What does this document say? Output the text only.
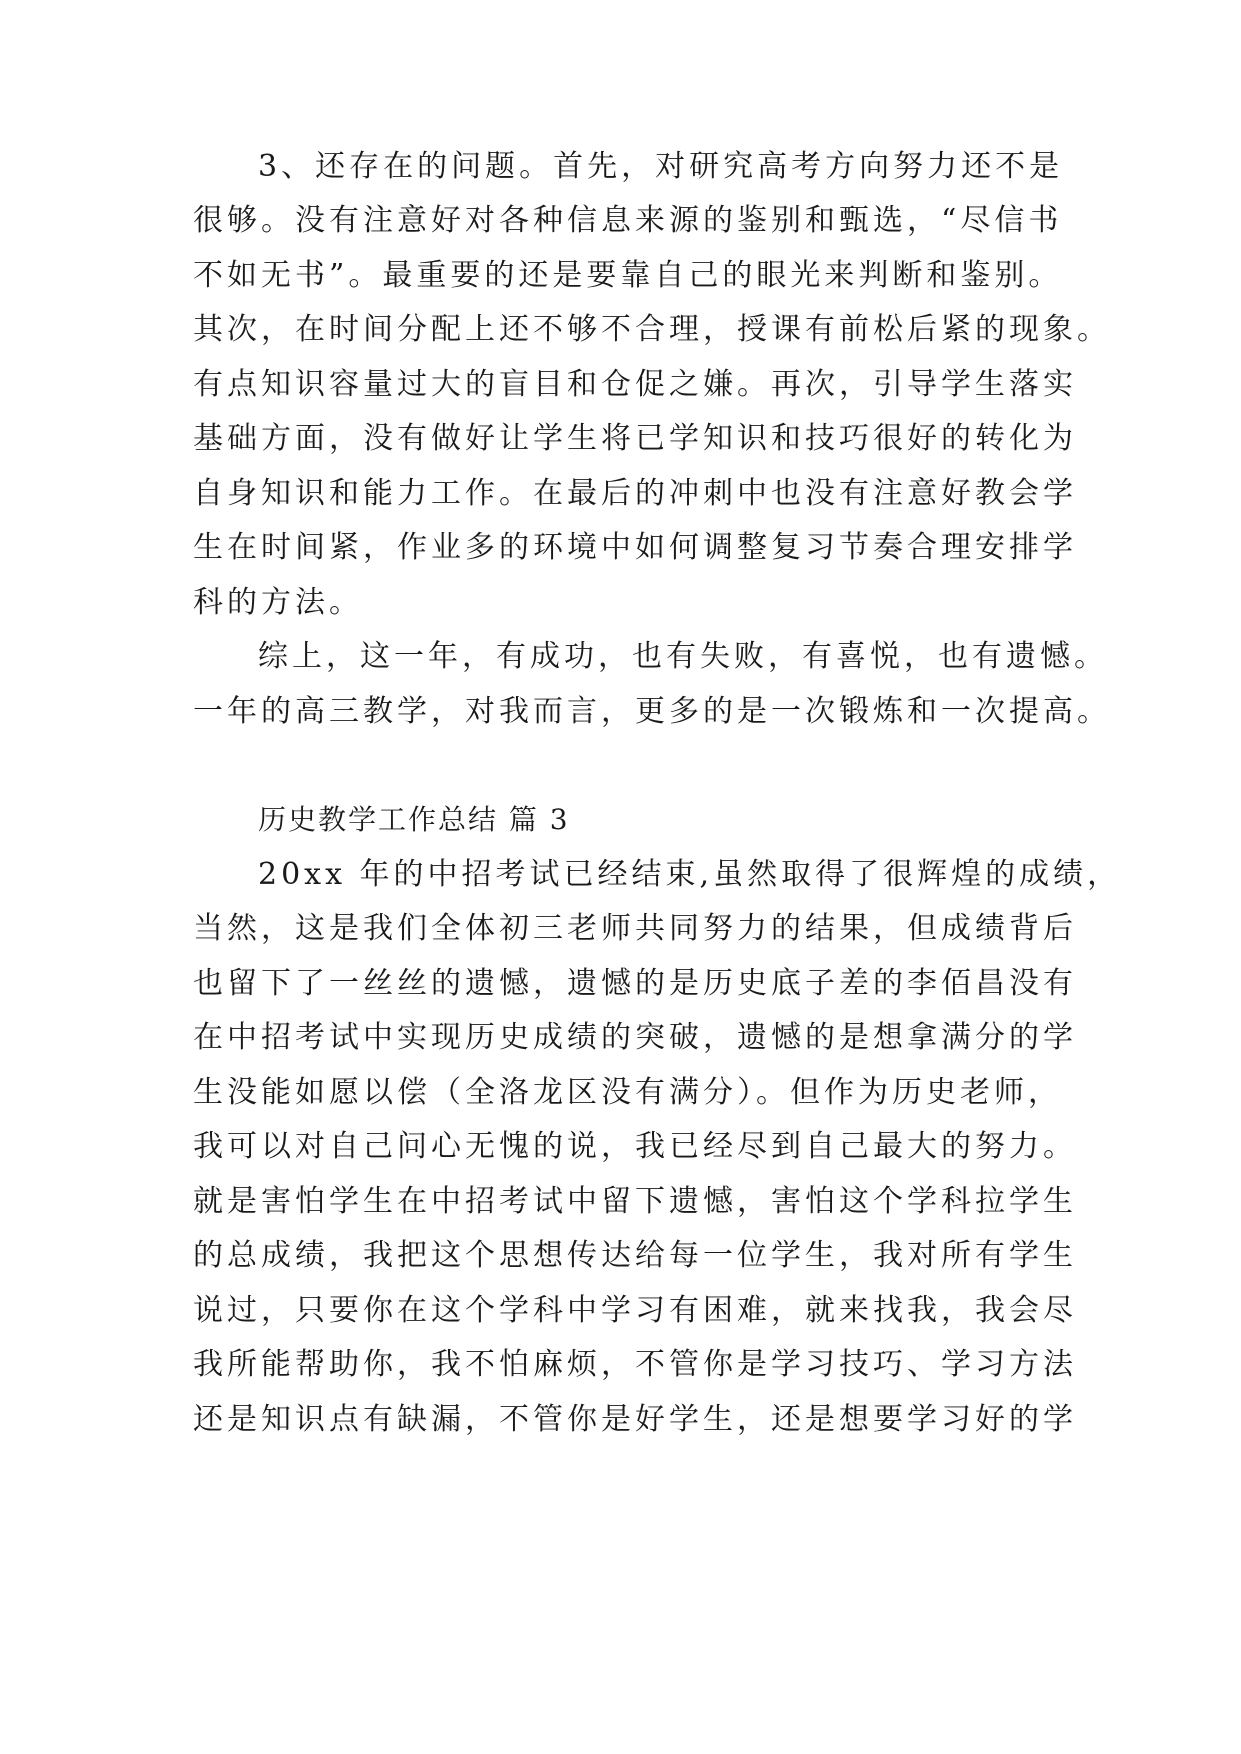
3、还存在的问题。首先，对研究高考方向努力还不是
很够。没有注意好对各种信息来源的鉴别和甄选，“尽信书
不如无书”。最重要的还是要靠自己的眼光来判断和鉴别。
其次，在时间分配上还不够不合理，授课有前松后紧的现象。
有点知识容量过大的盲目和仓促之嫌。再次，引导学生落实
基础方面，没有做好让学生将已学知识和技巧很好的转化为
自身知识和能力工作。在最后的冲刺中也没有注意好教会学
生在时间紧，作业多的环境中如何调整复习节奏合理安排学
科的方法。
综上，这一年，有成功，也有失败，有喜悦，也有遗憾。
一年的高三教学，对我而言，更多的是一次锻炼和一次提高。
历史教学工作总结 篇 3
20xx 年的中招考试已经结束,虽然取得了很辉煌的成绩，
当然，这是我们全体初三老师共同努力的结果，但成绩背后
也留下了一丝丝的遗憾，遗憾的是历史底子差的李佰昌没有
在中招考试中实现历史成绩的突破，遗憾的是想拿满分的学
生没能如愿以偿（全洛龙区没有满分）。但作为历史老师，
我可以对自己问心无愧的说，我已经尽到自己最大的努力。
就是害怕学生在中招考试中留下遗憾，害怕这个学科拉学生
的总成绩，我把这个思想传达给每一位学生，我对所有学生
说过，只要你在这个学科中学习有困难，就来找我，我会尽
我所能帮助你，我不怕麻烦，不管你是学习技巧、学习方法
还是知识点有缺漏，不管你是好学生，还是想要学习好的学
